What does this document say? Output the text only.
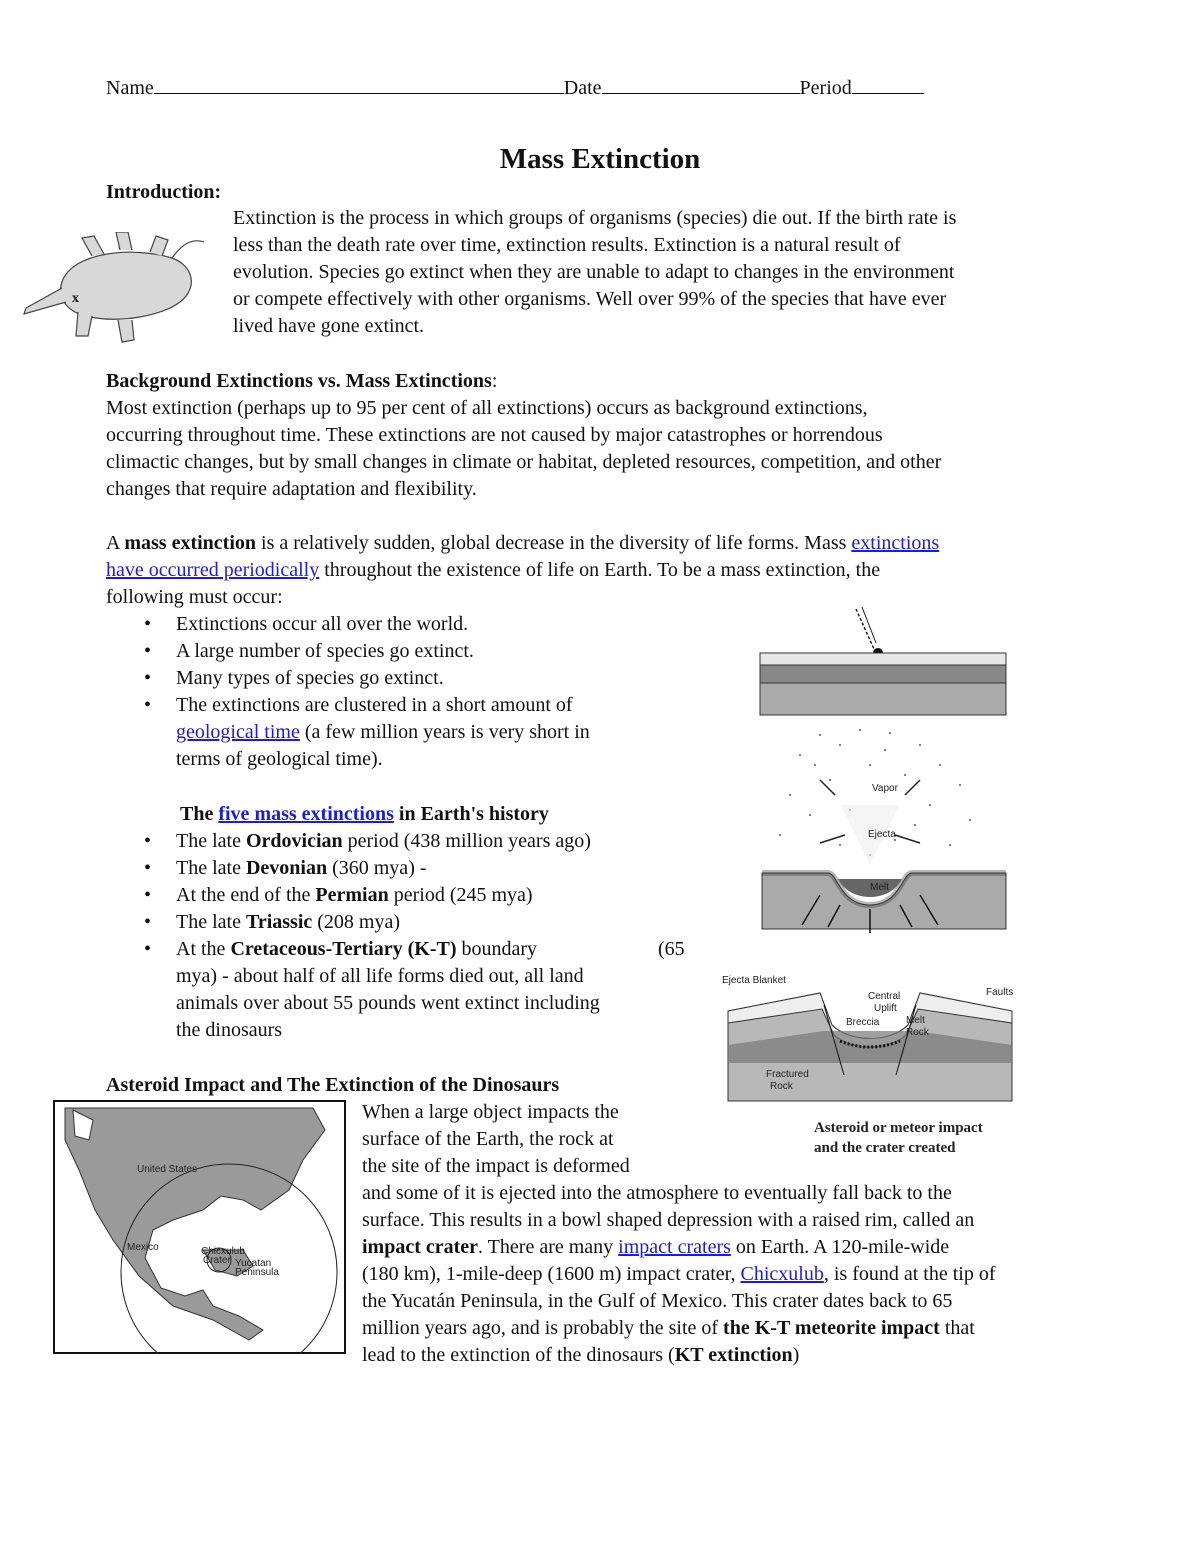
Name	Date	Period
Mass Extinction
Introduction:
x
Extinction is the process in which groups of organisms (species) die out. If the birth rate is
less than the death rate over time, extinction results. Extinction is a natural result of
evolution. Species go extinct when they are unable to adapt to changes in the environment
or compete effectively with other organisms. Well over 99% of the species that have ever
lived have gone extinct.
Background Extinctions vs. Mass Extinctions:
Most extinction (perhaps up to 95 per cent of all extinctions) occurs as background extinctions,
occurring throughout time. These extinctions are not caused by major catastrophes or horrendous
climactic changes, but by small changes in climate or habitat, depleted resources, competition, and other
changes that require adaptation and flexibility.
A mass extinction is a relatively sudden, global decrease in the diversity of life forms. Mass extinctions
have occurred periodically throughout the existence of life on Earth. To be a mass extinction, the
following must occur:
• Extinctions occur all over the world.
• A large number of species go extinct.
• Many types of species go extinct.
• The extinctions are clustered in a short amount of
geological time (a few million years is very short in
terms of geological time).
The five mass extinctions in Earth's history
• The late Ordovician period (438 million years ago)
• The late Devonian (360 mya) -
• At the end of the Permian period (245 mya)
• The late Triassic (208 mya)
• At the Cretaceous-Tertiary (K-T) boundary	(65

mya) - about half of all life forms died out, all land
animals over about 55 pounds went extinct including
the dinosaurs
Vapor
Ejecta
Melt
Ejecta Blanket
Central
Uplift
Faults
Breccia	Melt
Rock
Fractured
Rock
Asteroid or meteor impact
and the crater created
Asteroid Impact and The Extinction of the Dinosaurs
United States
Mexico	Chicxulub
Crater Yucatan
Peninsula
When a large object impacts the
surface of the Earth, the rock at
the site of the impact is deformed
and some of it is ejected into the atmosphere to eventually fall back to the
surface. This results in a bowl shaped depression with a raised rim, called an
impact crater. There are many impact craters on Earth. A 120-mile-wide
(180 km), 1-mile-deep (1600 m) impact crater, Chicxulub, is found at the tip of
the Yucatán Peninsula, in the Gulf of Mexico. This crater dates back to 65
million years ago, and is probably the site of the K-T meteorite impact that
lead to the extinction of the dinosaurs (KT extinction)
